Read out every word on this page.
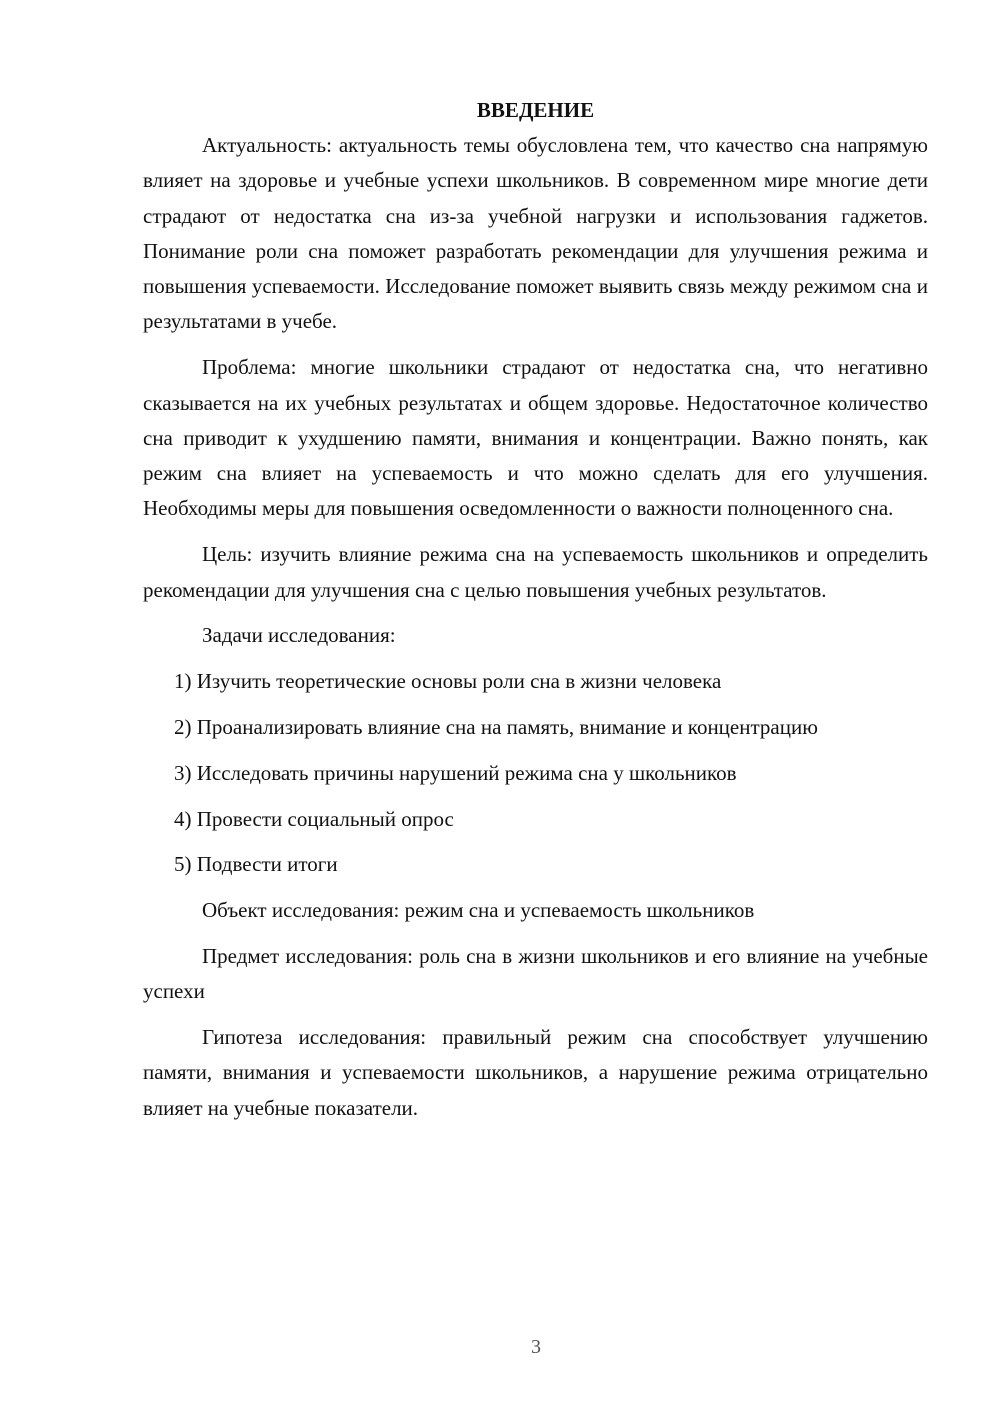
ВВЕДЕНИЕ

Актуальность: актуальность темы обусловлена тем, что качество сна напрямую влияет на здоровье и учебные успехи школьников. В современном мире многие дети страдают от недостатка сна из-за учебной нагрузки и использования гаджетов. Понимание роли сна поможет разработать рекомендации для улучшения режима и повышения успеваемости. Исследование поможет выявить связь между режимом сна и результатами в учебе.

Проблема: многие школьники страдают от недостатка сна, что негативно сказывается на их учебных результатах и общем здоровье. Недостаточное количество сна приводит к ухудшению памяти, внимания и концентрации. Важно понять, как режим сна влияет на успеваемость и что можно сделать для его улучшения. Необходимы меры для повышения осведомленности о важности полноценного сна.

Цель: изучить влияние режима сна на успеваемость школьников и определить рекомендации для улучшения сна с целью повышения учебных результатов.

Задачи исследования:

1) Изучить теоретические основы роли сна в жизни человека

2) Проанализировать влияние сна на память, внимание и концентрацию

3) Исследовать причины нарушений режима сна у школьников

4) Провести социальный опрос

5) Подвести итоги

Объект исследования: режим сна и успеваемость школьников

Предмет исследования: роль сна в жизни школьников и его влияние на учебные успехи

Гипотеза исследования: правильный режим сна способствует улучшению памяти, внимания и успеваемости школьников, а нарушение режима отрицательно влияет на учебные показатели.

3
